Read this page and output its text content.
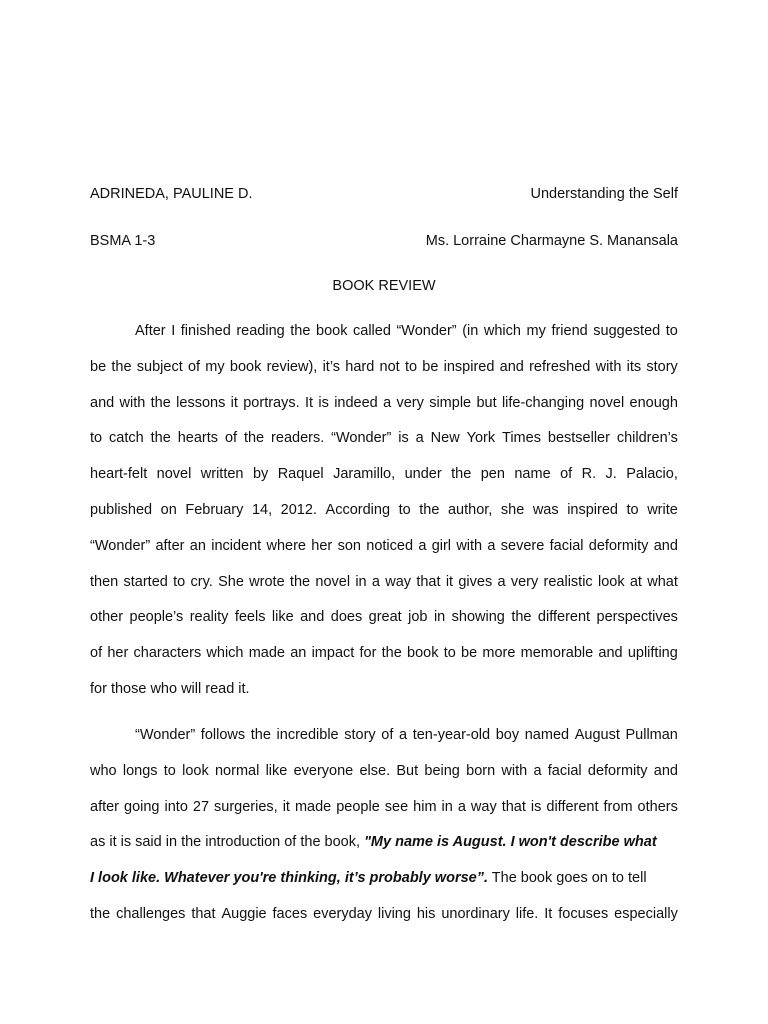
ADRINEDA, PAULINE D.	Understanding the Self
BSMA 1-3	Ms. Lorraine Charmayne S. Manansala
BOOK REVIEW
After I finished reading the book called “Wonder” (in which my friend suggested to
be the subject of my book review), it’s hard not to be inspired and refreshed with its story
and with the lessons it portrays. It is indeed a very simple but life-changing novel enough
to catch the hearts of the readers. “Wonder” is a New York Times bestseller children’s
heart-felt novel written by Raquel Jaramillo, under the pen name of R. J. Palacio,
published on February 14, 2012. According to the author, she was inspired to write
“Wonder” after an incident where her son noticed a girl with a severe facial deformity and
then started to cry. She wrote the novel in a way that it gives a very realistic look at what
other people’s reality feels like and does great job in showing the different perspectives
of her characters which made an impact for the book to be more memorable and uplifting
for those who will read it.
“Wonder” follows the incredible story of a ten-year-old boy named August Pullman
who longs to look normal like everyone else. But being born with a facial deformity and
after going into 27 surgeries, it made people see him in a way that is different from others
as it is said in the introduction of the book, "My name is August. I won't describe what
I look like. Whatever you're thinking, it’s probably worse”. The book goes on to tell
the challenges that Auggie faces everyday living his unordinary life. It focuses especially
